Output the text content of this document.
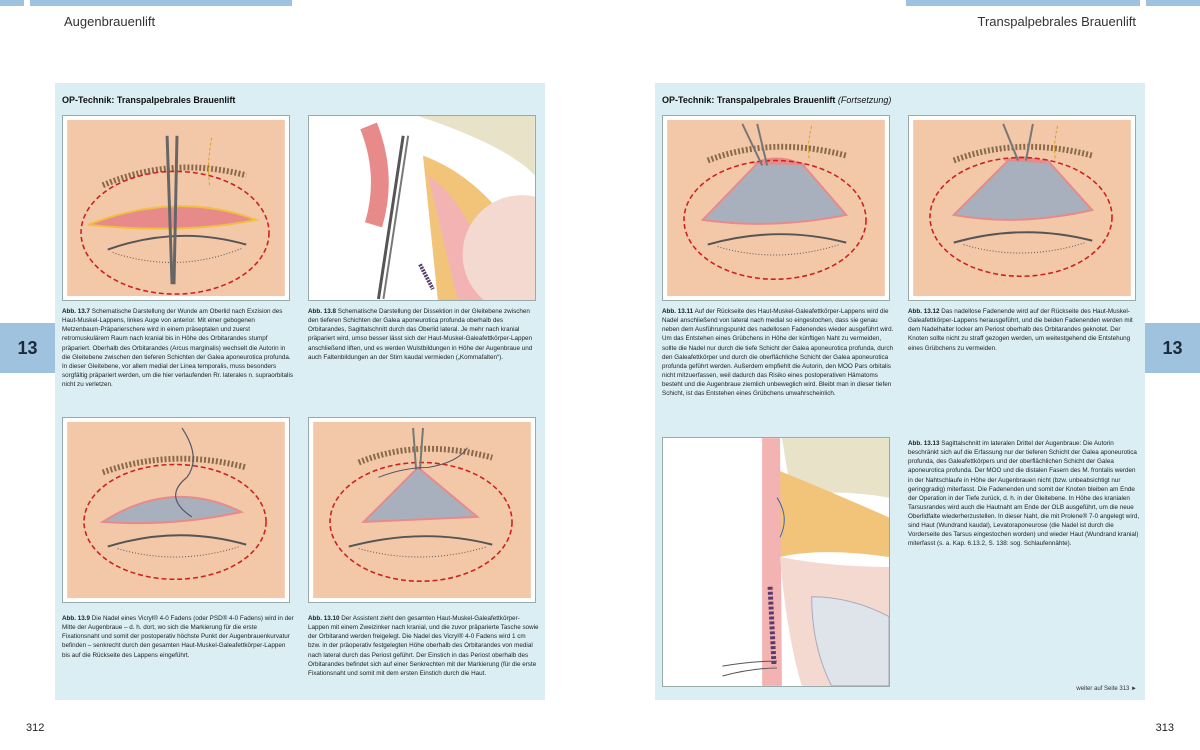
Augenbrauenlift	Transpalpebrales Brauenlift
13	13
OP-Technik: Transpalpebrales Brauenlift
Abb. 13.7 Schematische Darstellung der Wunde am Oberlid nach Exzision des Haut-Muskel-Lappens, linkes Auge von anterior. Mit einer gebogenen Metzenbaum-Präparierschere wird in einem präseptalen und zuerst retromuskulärem Raum nach kranial bis in Höhe des Orbitarandes stumpf präpariert. Oberhalb des Orbitarandes (Arcus marginalis) wechselt die Autorin in die Gleitebene zwischen den tieferen Schichten der Galea aponeurotica profunda. In dieser Gleitebene, vor allem medial der Linea temporalis, muss besonders sorgfältig präpariert werden, um die hier verlaufenden Rr. laterales n. supraorbitalis nicht zu verletzen.
Abb. 13.8 Schematische Darstellung der Dissektion in der Gleitebene zwischen den tieferen Schichten der Galea aponeurotica profunda oberhalb des Orbitarandes, Sagittalschnitt durch das Oberlid lateral. Je mehr nach kranial präpariert wird, umso besser lässt sich der Haut-Muskel-Galeafettkörper-Lappen anschließend liften, und es werden Wulstbildungen in Höhe der Augenbraue und auch Faltenbildungen an der Stirn kaudal vermieden („Kommafalten“).
Abb. 13.9 Die Nadel eines Vicryl® 4-0 Fadens (oder PSD® 4-0 Fadens) wird in der Mitte der Augenbraue – d. h. dort, wo sich die Markierung für die erste Fixationsnaht und somit der postoperativ höchste Punkt der Augenbrauenkurvatur befinden – senkrecht durch den gesamten Haut-Muskel-Galeafettkörper-Lappen bis auf die Rückseite des Lappens eingeführt.
Abb. 13.10 Der Assistent zieht den gesamten Haut-Muskel-Galeafettkörper-Lappen mit einem Zweizinker nach kranial, und die zuvor präparierte Tasche sowie der Orbitarand werden freigelegt. Die Nadel des Vicryl® 4-0 Fadens wird 1 cm bzw. in der präoperativ festgelegten Höhe oberhalb des Orbitarandes von medial nach lateral durch das Periost geführt. Der Einstich in das Periost oberhalb des Orbitarandes befindet sich auf einer Senkrechten mit der Markierung (für die erste Fixationsnaht und somit mit dem ersten Einstich durch die Haut.
OP-Technik: Transpalpebrales Brauenlift (Fortsetzung)
Abb. 13.11 Auf der Rückseite des Haut-Muskel-Galeafettkörper-Lappens wird die Nadel anschließend von lateral nach medial so eingestochen, dass sie genau neben dem Ausführungspunkt des nadellosen Fadenendes wieder ausgeführt wird. Um das Entstehen eines Grübchens in Höhe der künftigen Naht zu vermeiden, sollte die Nadel nur durch die tiefe Schicht der Galea aponeurotica profunda, durch den Galeafettkörper und durch die oberflächliche Schicht der Galea aponeurotica profunda geführt werden. Außerdem empfiehlt die Autorin, den MOO Pars orbitalis nicht mitzuerfassen, weil dadurch das Risiko eines postoperativen Hämatoms besteht und die Augenbraue ziemlich unbeweglich wird. Bleibt man in dieser tiefen Schicht, ist das Entstehen eines Grübchens unwahrscheinlich.
Abb. 13.12 Das nadellose Fadenende wird auf der Rückseite des Haut-Muskel-Galeafettkörper-Lappens herausgeführt, und die beiden Fadenenden werden mit dem Nadelhalter locker am Periost oberhalb des Orbitarandes geknotet. Der Knoten sollte nicht zu straff gezogen werden, um weitestgehend die Entstehung eines Grübchens zu vermeiden.
Abb. 13.13 Sagittalschnitt im lateralen Drittel der Augenbraue: Die Autorin beschränkt sich auf die Erfassung nur der tieferen Schicht der Galea aponeurotica profunda, des Galeafettkörpers und der oberflächlichen Schicht der Galea aponeurotica profunda. Der MOO und die distalen Fasern des M. frontalis werden in der Nahtschlaufe in Höhe der Augenbrauen nicht (bzw. unbeabsichtigt nur geringgradig) miterfasst. Die Fadenenden und somit der Knoten bleiben am Ende der Operation in der Tiefe zurück, d. h. in der Gleitebene. In Höhe des kranialen Tarsusrandes wird auch die Hautnaht am Ende der OLB ausgeführt, um die neue Oberlidfalte wiederherzustellen. In dieser Naht, die mit Prolene® 7-0 angelegt wird, sind Haut (Wundrand kaudal), Levatoraponeurose (die Nadel ist durch die Vorderseite des Tarsus eingestochen worden) und wieder Haut (Wundrand kranial) miterfasst (s. a. Kap. 6.13.2, S. 138: sog. Schlaufennähte).
weiter auf Seite 313 ►
312	313
